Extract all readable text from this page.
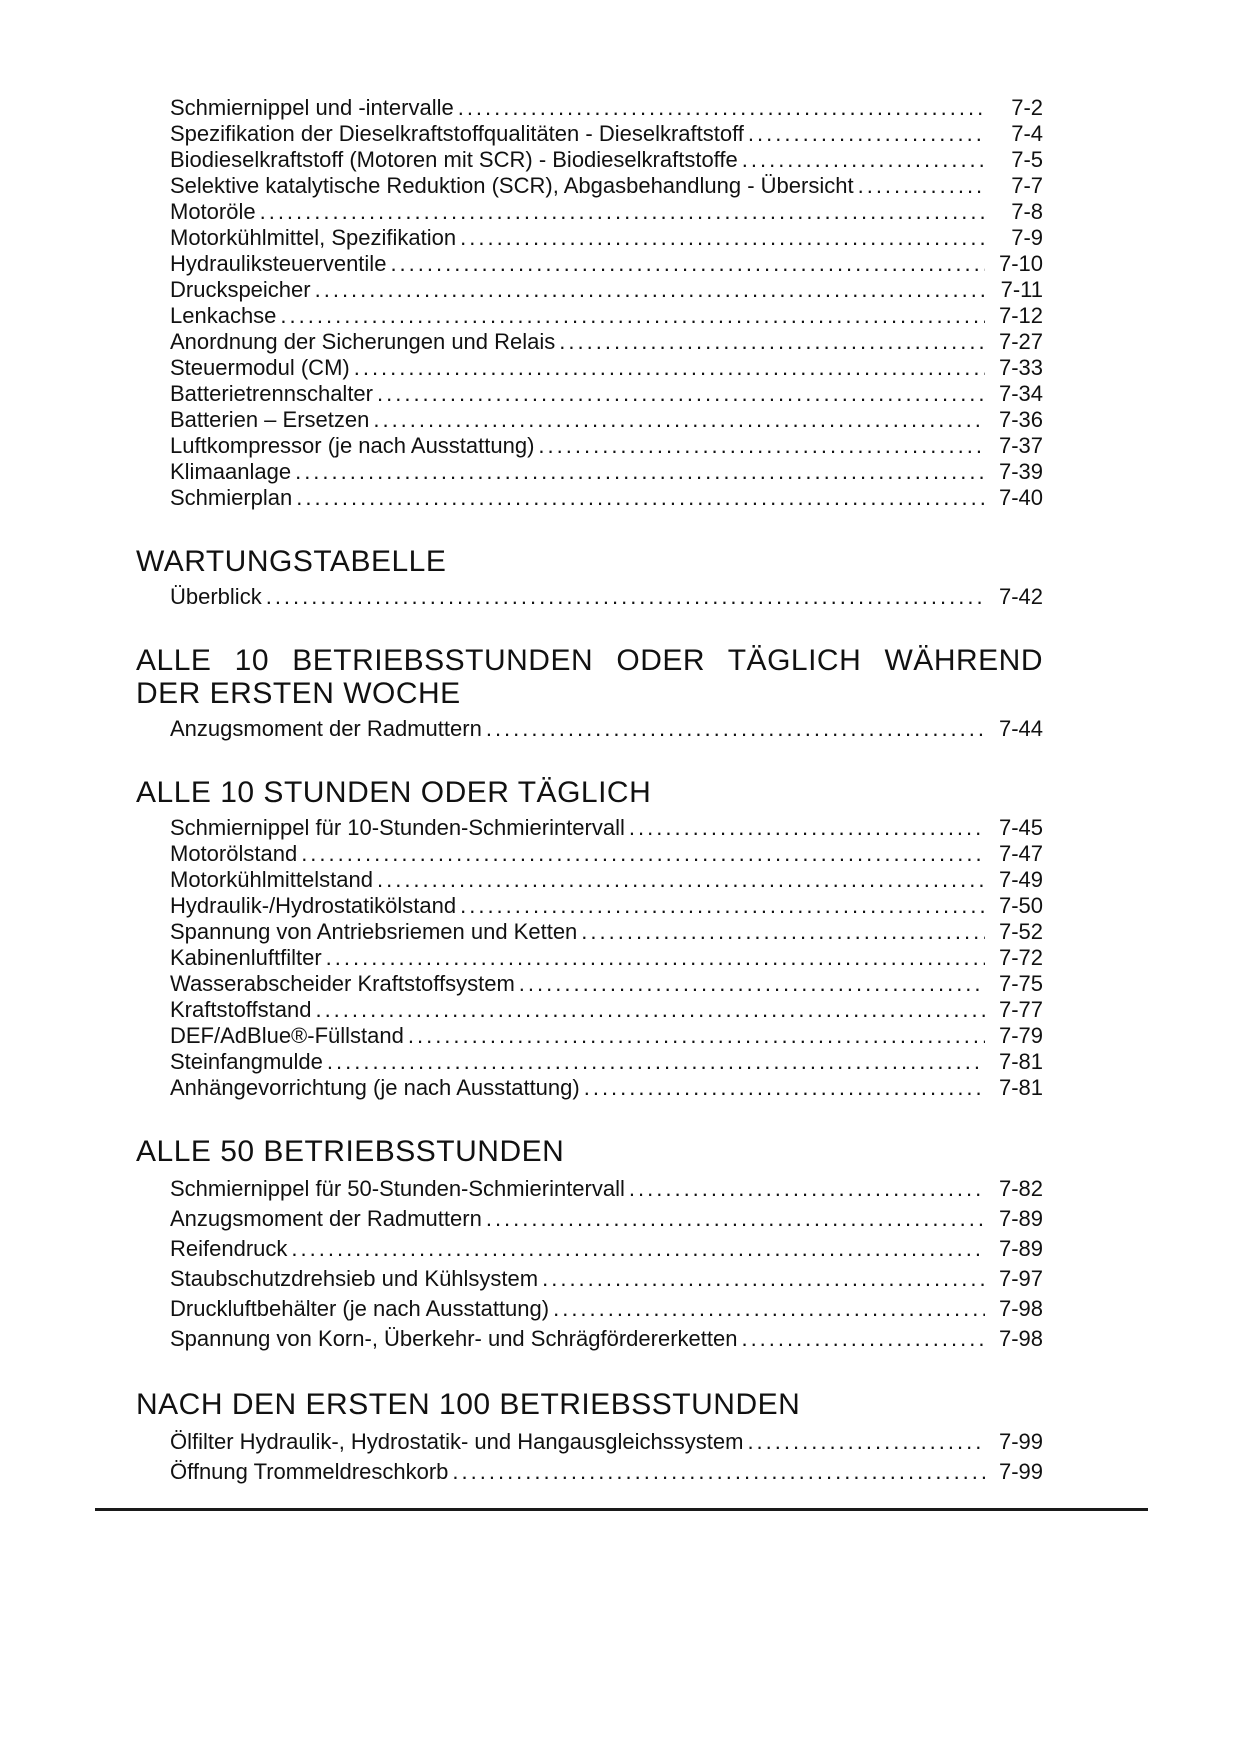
Schmiernippel und -intervalle .....	7-2
Spezifikation der Dieselkraftstoffqualitäten - Dieselkraftstoff .....	7-4
Biodieselkraftstoff (Motoren mit SCR) - Biodieselkraftstoffe .....	7-5
Selektive katalytische Reduktion (SCR), Abgasbehandlung - Übersicht .....	7-7
Motoröle .....	7-8
Motorkühlmittel, Spezifikation .....	7-9
Hydrauliksteuerventile .....	7-10
Druckspeicher .....	7-11
Lenkachse .....	7-12
Anordnung der Sicherungen und Relais .....	7-27
Steuermodul (CM) .....	7-33
Batterietrennschalter .....	7-34
Batterien – Ersetzen .....	7-36
Luftkompressor (je nach Ausstattung) .....	7-37
Klimaanlage .....	7-39
Schmierplan .....	7-40
WARTUNGSTABELLE
Überblick .....	7-42
ALLE 10 BETRIEBSSTUNDEN ODER TÄGLICH WÄHREND DER ERSTEN WOCHE
Anzugsmoment der Radmuttern .....	7-44
ALLE 10 STUNDEN ODER TÄGLICH
Schmiernippel für 10-Stunden-Schmierintervall .....	7-45
Motorölstand .....	7-47
Motorkühlmittelstand .....	7-49
Hydraulik-/Hydrostatikölstand .....	7-50
Spannung von Antriebsriemen und Ketten .....	7-52
Kabinenluftfilter .....	7-72
Wasserabscheider Kraftstoffsystem .....	7-75
Kraftstoffstand .....	7-77
DEF/AdBlue®-Füllstand .....	7-79
Steinfangmulde .....	7-81
Anhängevorrichtung (je nach Ausstattung) .....	7-81
ALLE 50 BETRIEBSSTUNDEN
Schmiernippel für 50-Stunden-Schmierintervall .....	7-82
Anzugsmoment der Radmuttern .....	7-89
Reifendruck .....	7-89
Staubschutzdrehsieb und Kühlsystem .....	7-97
Druckluftbehälter (je nach Ausstattung) .....	7-98
Spannung von Korn-, Überkehr- und Schrägfördererketten .....	7-98
NACH DEN ERSTEN 100 BETRIEBSSTUNDEN
Ölfilter Hydraulik-, Hydrostatik- und Hangausgleichssystem .....	7-99
Öffnung Trommeldreschkorb .....	7-99
